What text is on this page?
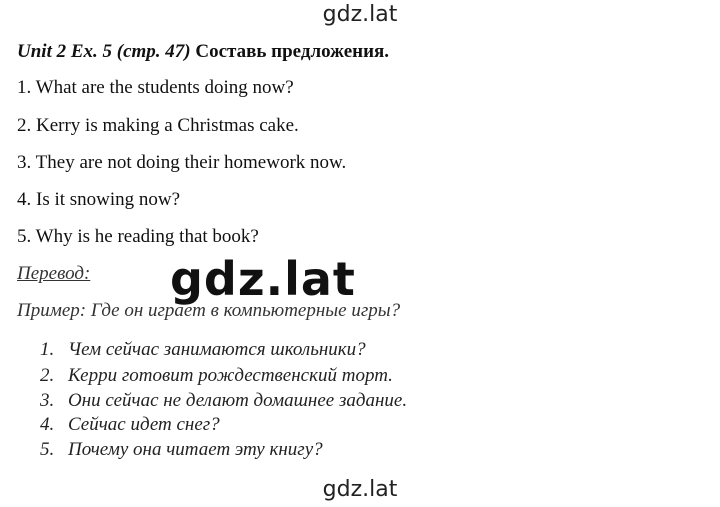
gdz.lat
Unit 2 Ex. 5 (стр. 47) Составь предложения.
1. What are the students doing now?
2. Kerry is making a Christmas cake.
3. They are not doing their homework now.
4. Is it snowing now?
5. Why is he reading that book?
Перевод: gdz.lat
Пример: Где он играет в компьютерные игры?
1. Чем сейчас занимаются школьники?
2. Керри готовит рождественский торт.
3. Они сейчас не делают домашнее задание.
4. Сейчас идет снег?
5. Почему она читает эту книгу?
gdz.lat
